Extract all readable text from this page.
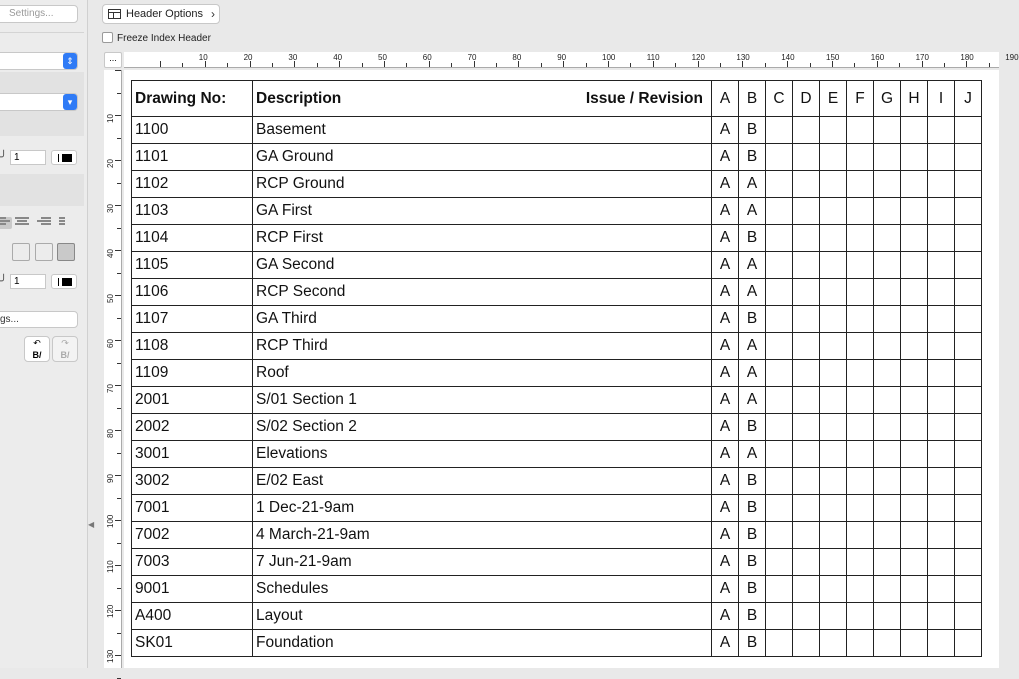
Settings...
⇕
▾
╯ 1
╯ 1
gs...
↶
B/
↷
B/
◀
Header Options ›
Freeze Index Header
...	10	20	30	40	50	60	70	80	90	100	110	120	130	140	150	160	170	180	190
10
20
30
40
50
60
70
80
90
100
110
120
130
Drawing No:	Description Issue / Revision	A	B	C	D	E	F	G	H	I	J
1100	Basement	A	B								
1101	GA Ground	A	B								
1102	RCP Ground	A	A								
1103	GA First	A	A								
1104	RCP First	A	B								
1105	GA Second	A	A								
1106	RCP Second	A	A								
1107	GA Third	A	B								
1108	RCP Third	A	A								
1109	Roof	A	A								
2001	S/01 Section 1	A	A								
2002	S/02 Section 2	A	B								
3001	Elevations	A	A								
3002	E/02 East	A	B								
7001	1 Dec-21-9am	A	B								
7002	4 March-21-9am	A	B								
7003	7 Jun-21-9am	A	B								
9001	Schedules	A	B								
A400	Layout	A	B								
SK01	Foundation	A	B								
